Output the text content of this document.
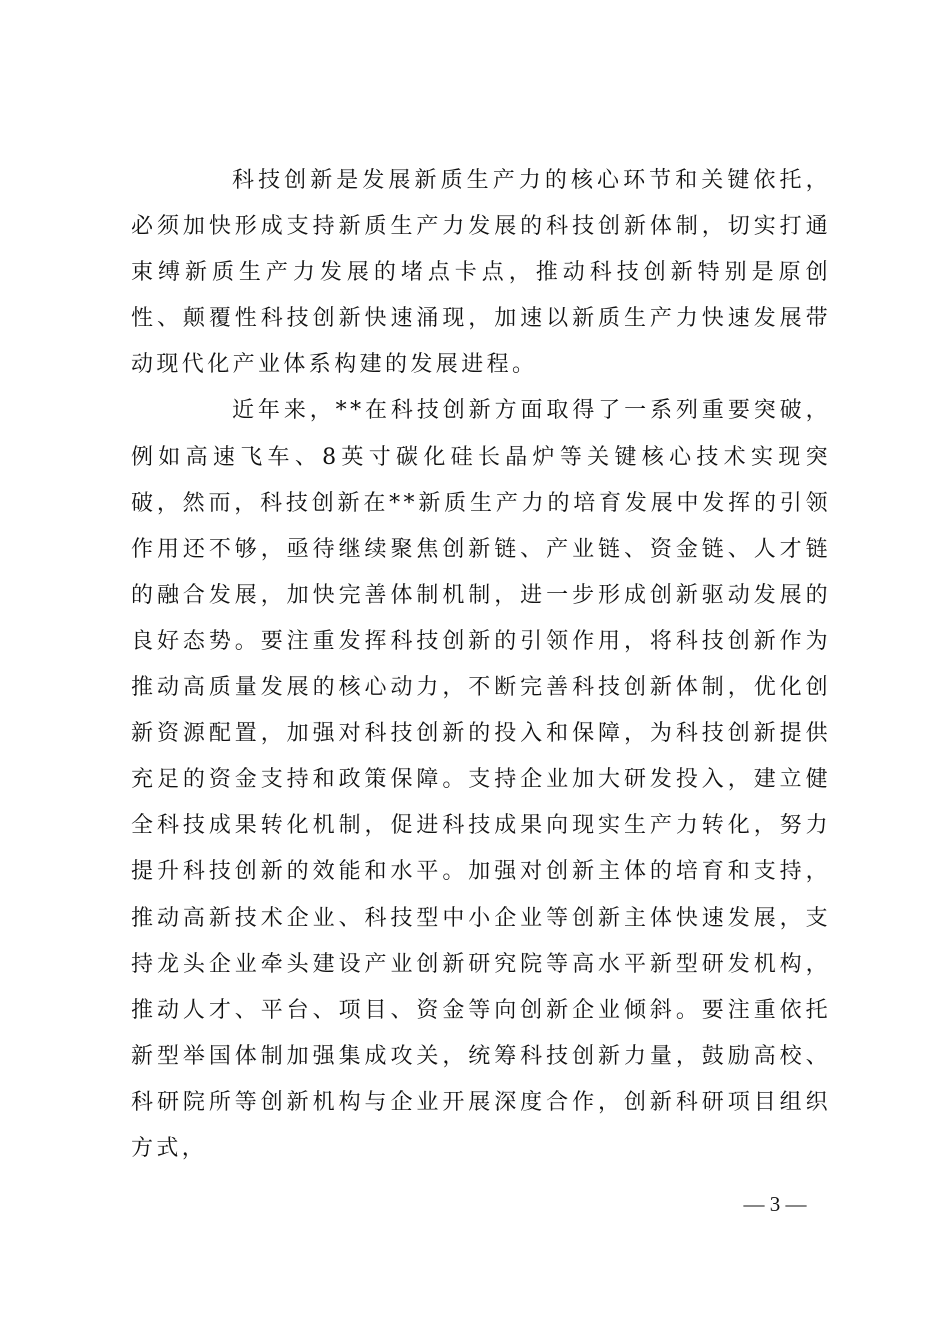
科技创新是发展新质生产力的核心环节和关键依托，必须加快形成支持新质生产力发展的科技创新体制，切实打通束缚新质生产力发展的堵点卡点，推动科技创新特别是原创性、颠覆性科技创新快速涌现，加速以新质生产力快速发展带动现代化产业体系构建的发展进程。

近年来，**在科技创新方面取得了一系列重要突破，例如高速飞车、8英寸碳化硅长晶炉等关键核心技术实现突破，然而，科技创新在**新质生产力的培育发展中发挥的引领作用还不够，亟待继续聚焦创新链、产业链、资金链、人才链的融合发展，加快完善体制机制，进一步形成创新驱动发展的良好态势。要注重发挥科技创新的引领作用，将科技创新作为推动高质量发展的核心动力，不断完善科技创新体制，优化创新资源配置，加强对科技创新的投入和保障，为科技创新提供充足的资金支持和政策保障。支持企业加大研发投入，建立健全科技成果转化机制，促进科技成果向现实生产力转化，努力提升科技创新的效能和水平。加强对创新主体的培育和支持，推动高新技术企业、科技型中小企业等创新主体快速发展，支持龙头企业牵头建设产业创新研究院等高水平新型研发机构，推动人才、平台、项目、资金等向创新企业倾斜。要注重依托新型举国体制加强集成攻关，统筹科技创新力量，鼓励高校、科研院所等创新机构与企业开展深度合作，创新科研项目组织方式，

— 3 —
